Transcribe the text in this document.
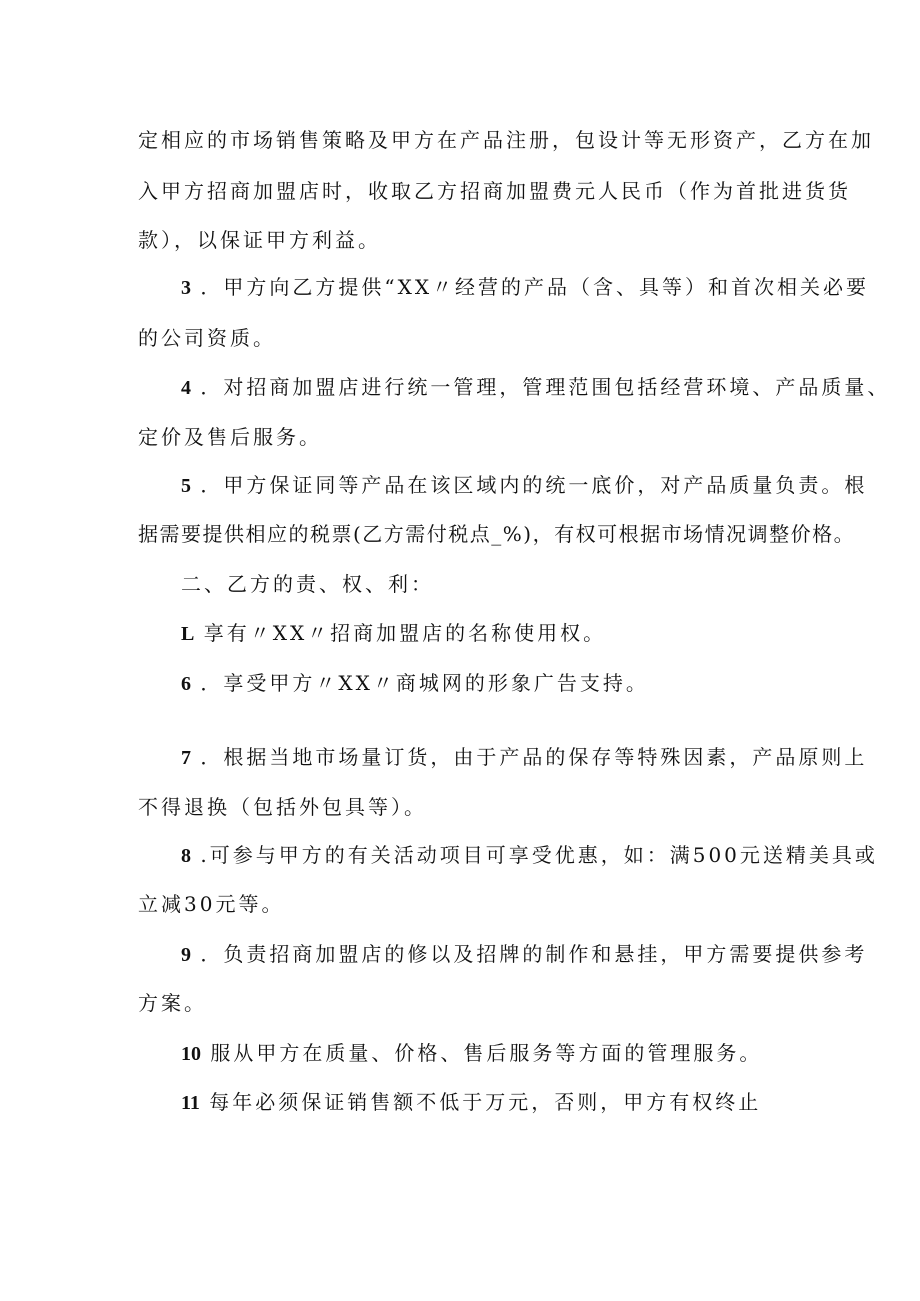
定相应的市场销售策略及甲方在产品注册，包设计等无形资产，乙方在加

入甲方招商加盟店时，收取乙方招商加盟费元人民币（作为首批进货货

款），以保证甲方利益。

3 ．甲方向乙方提供“XX〃经营的产品（含、具等）和首次相关必要

的公司资质。

4 ．对招商加盟店进行统一管理，管理范围包括经营环境、产品质量、

定价及售后服务。

5 ．甲方保证同等产品在该区域内的统一底价，对产品质量负责。根

据需要提供相应的税票(乙方需付税点_%)，有权可根据市场情况调整价格。

二、乙方的责、权、利：

L 享有〃XX〃招商加盟店的名称使用权。

6 ．享受甲方〃XX〃商城网的形象广告支持。

7 ．根据当地市场量订货，由于产品的保存等特殊因素，产品原则上

不得退换（包括外包具等）。

8 .可参与甲方的有关活动项目可享受优惠，如：满500元送精美具或

立减30元等。

9 ．负责招商加盟店的修以及招牌的制作和悬挂，甲方需要提供参考

方案。

10 服从甲方在质量、价格、售后服务等方面的管理服务。

11 每年必须保证销售额不低于万元，否则，甲方有权终止
